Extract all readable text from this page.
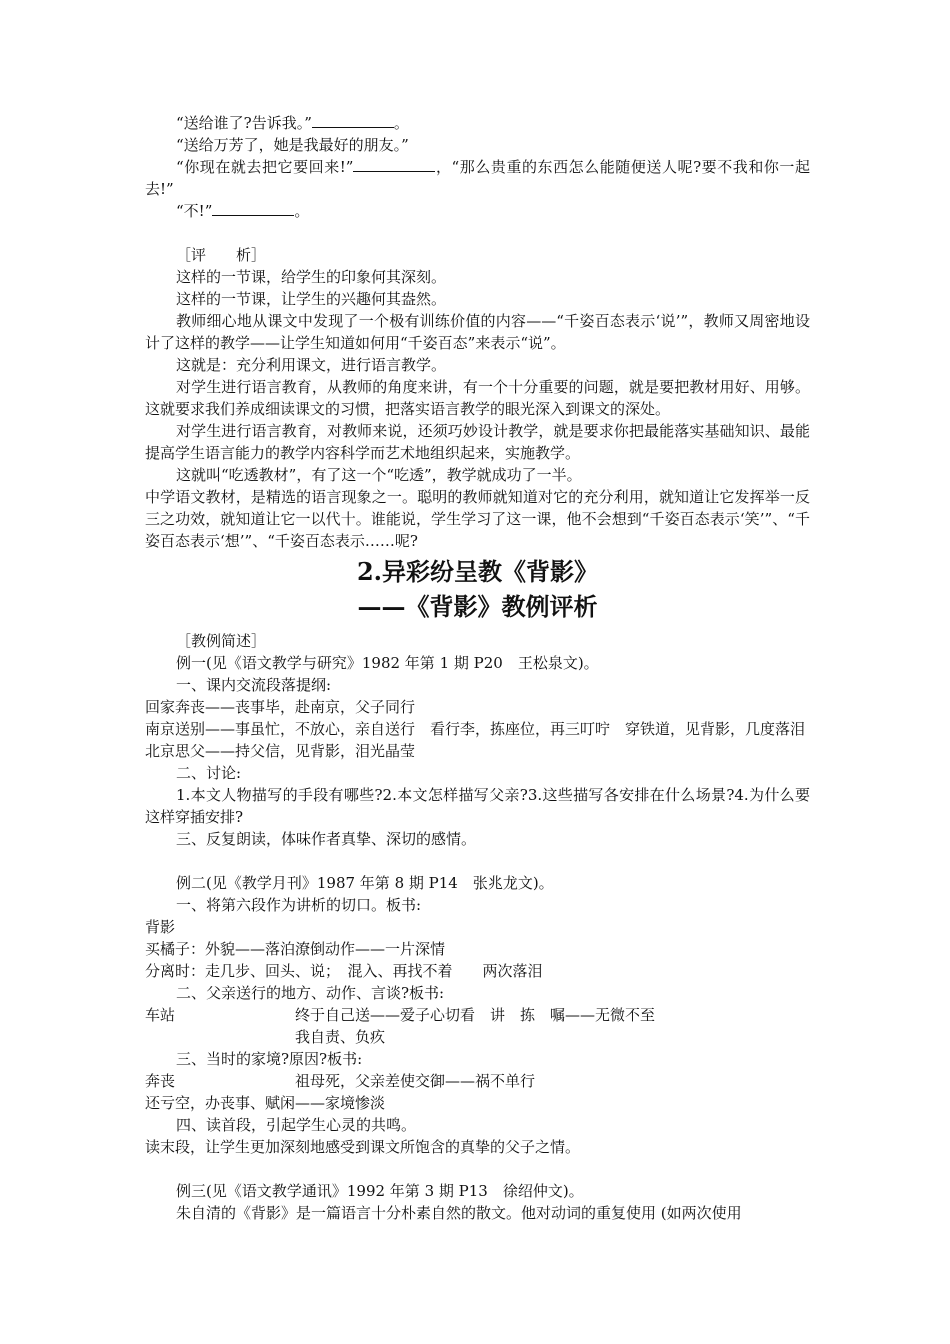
“送给谁了?告诉我。”	。

“送给万芳了，她是我最好的朋友。”

“你现在就去把它要回来!”	，“那么贵重的东西怎么能随便送人呢?要不我和你一起去!”

“不!”	。

［评　　析］

这样的一节课，给学生的印象何其深刻。

这样的一节课，让学生的兴趣何其盎然。

教师细心地从课文中发现了一个极有训练价值的内容——“千姿百态表示‘说’”，教师又周密地设计了这样的教学——让学生知道如何用“千姿百态”来表示“说”。

这就是：充分利用课文，进行语言教学。

对学生进行语言教育，从教师的角度来讲，有一个十分重要的问题，就是要把教材用好、用够。这就要求我们养成细读课文的习惯，把落实语言教学的眼光深入到课文的深处。

对学生进行语言教育，对教师来说，还须巧妙设计教学，就是要求你把最能落实基础知识、最能提高学生语言能力的教学内容科学而艺术地组织起来，实施教学。

这就叫“吃透教材”，有了这一个“吃透”，教学就成功了一半。

中学语文教材，是精选的语言现象之一。聪明的教师就知道对它的充分利用，就知道让它发挥举一反三之功效，就知道让它一以代十。谁能说，学生学习了这一课，他不会想到“千姿百态表示‘笑’”、“千姿百态表示‘想’”、“千姿百态表示……呢?

2.异彩纷呈教《背影》
——《背影》教例评析

［教例简述］

例一(见《语文教学与研究》1982 年第 1 期 P20　王松泉文)。

一、课内交流段落提纲:

回家奔丧——丧事毕，赴南京，父子同行

南京送别——事虽忙，不放心，亲自送行　看行李，拣座位，再三叮咛　穿铁道，见背影，几度落泪

北京思父——持父信，见背影，泪光晶莹

二、讨论:

1.本文人物描写的手段有哪些?2.本文怎样描写父亲?3.这些描写各安排在什么场景?4.为什么要这样穿插安排?

三、反复朗读，体味作者真挚、深切的感情。

例二(见《教学月刊》1987 年第 8 期 P14　张兆龙文)。

一、将第六段作为讲析的切口。板书:

背影

买橘子：外貌——落泊潦倒动作——一片深情

分离时：走几步、回头、说；　混入、再找不着　　两次落泪

二、父亲送行的地方、动作、言谈?板书:

车站	终于自己送——爱子心切看　讲　拣　嘱——无微不至

我自责、负疚

三、当时的家境?原因?板书:

奔丧	祖母死，父亲差使交御——祸不单行

还亏空，办丧事、赋闲——家境惨淡

四、读首段，引起学生心灵的共鸣。

读末段，让学生更加深刻地感受到课文所饱含的真挚的父子之情。

例三(见《语文教学通讯》1992 年第 3 期 P13　徐绍仲文)。

朱自清的《背影》是一篇语言十分朴素自然的散文。他对动词的重复使用 (如两次使用
